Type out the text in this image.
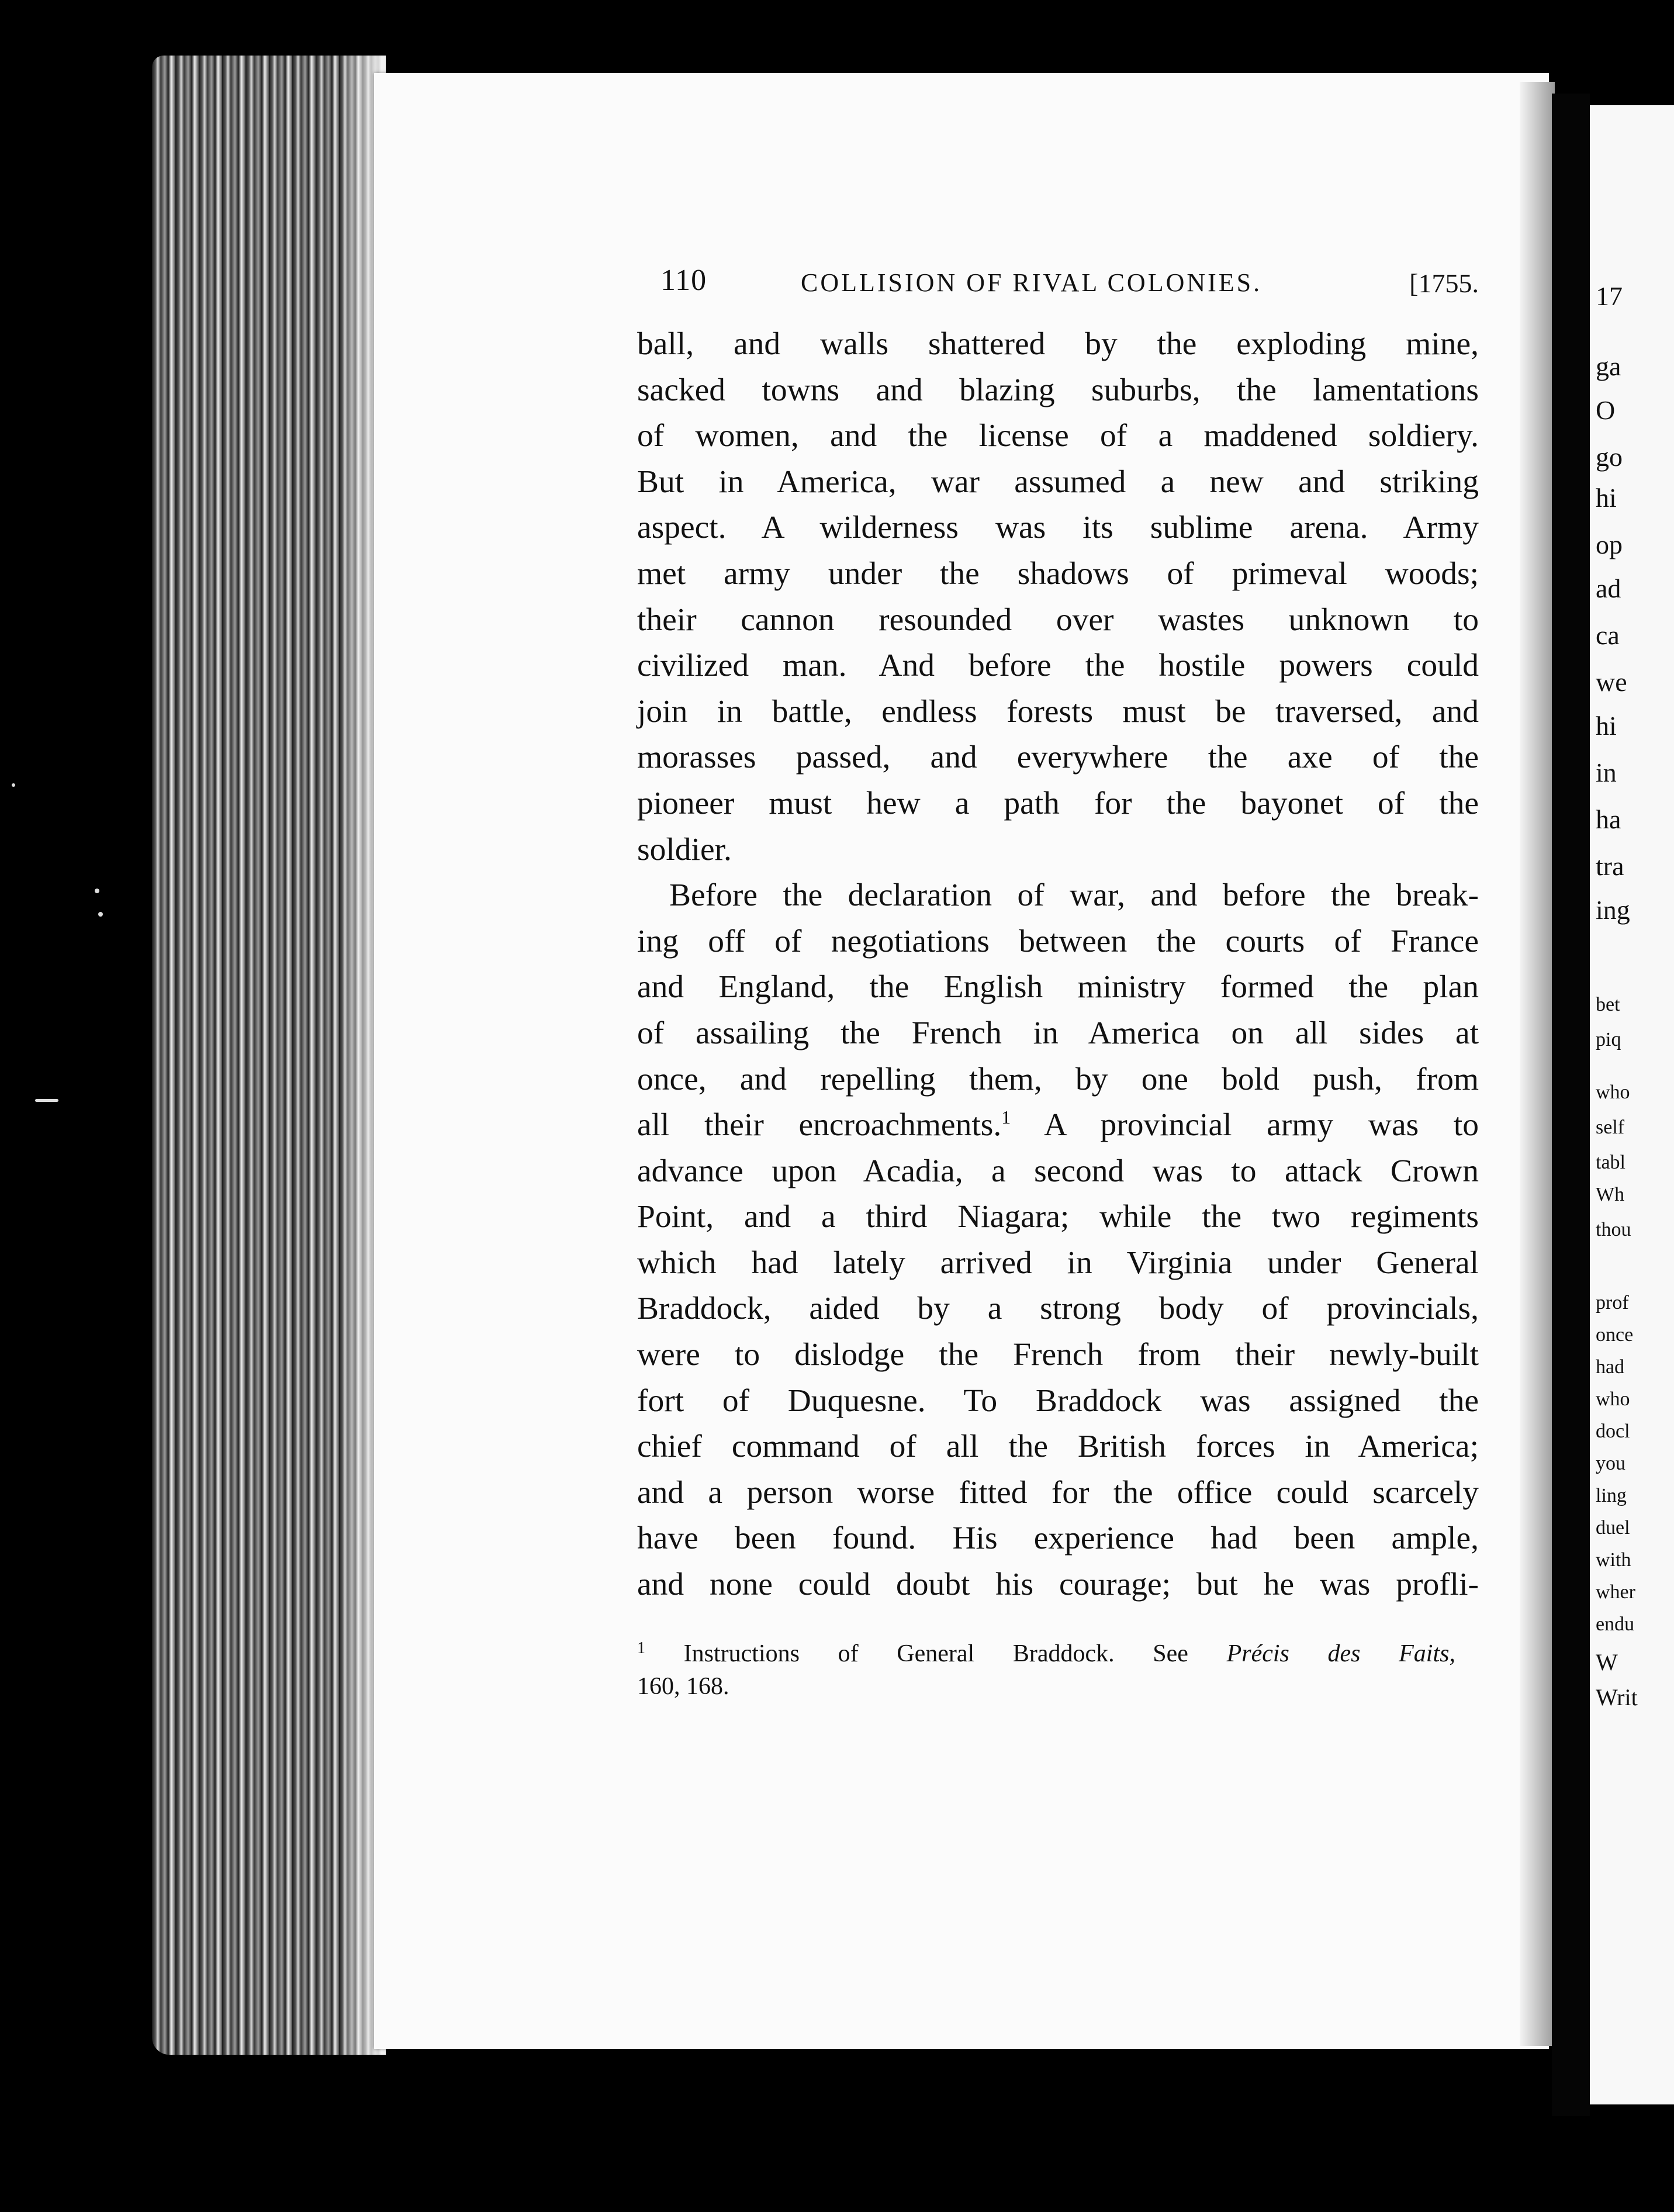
17
ga
O
go
hi
op
ad
ca
we
hi
in
ha
tra
ing
bet
piq
who
self
tabl
Wh
thou
prof
once
had
who
docl
you
ling
duel
with
wher
endu
W
Writ
110	COLLISION OF RIVAL COLONIES.	[1755.
ball, and walls shattered by the exploding mine,
sacked towns and blazing suburbs, the lamentations
of women, and the license of a maddened soldiery.
But in America, war assumed a new and striking
aspect. A wilderness was its sublime arena. Army
met army under the shadows of primeval woods;
their cannon resounded over wastes unknown to
civilized man. And before the hostile powers could
join in battle, endless forests must be traversed, and
morasses passed, and everywhere the axe of the
pioneer must hew a path for the bayonet of the
soldier.
Before the declaration of war, and before the break-
ing off of negotiations between the courts of France
and England, the English ministry formed the plan
of assailing the French in America on all sides at
once, and repelling them, by one bold push, from
all their encroachments.$^1$ A provincial army was to
advance upon Acadia, a second was to attack Crown
Point, and a third Niagara; while the two regiments
which had lately arrived in Virginia under General
Braddock, aided by a strong body of provincials,
were to dislodge the French from their newly-built
fort of Duquesne. To Braddock was assigned the
chief command of all the British forces in America;
and a person worse fitted for the office could scarcely
have been found. His experience had been ample,
and none could doubt his courage; but he was profli-
$^1$ Instructions of General Braddock. See Précis des Faits,
160, 168.
